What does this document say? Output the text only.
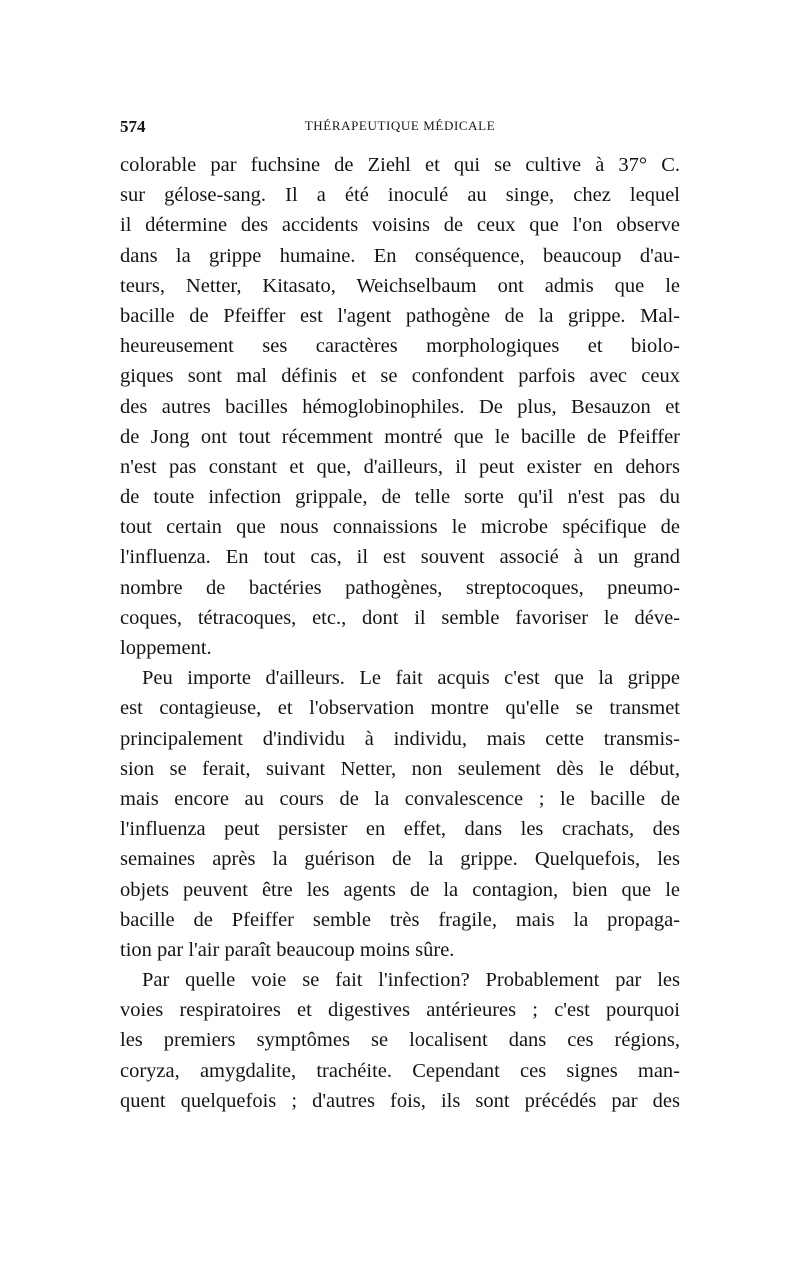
574	THÉRAPEUTIQUE MÉDICALE
colorable par fuchsine de Ziehl et qui se cultive à 37° C.
sur gélose-sang. Il a été inoculé au singe, chez lequel
il détermine des accidents voisins de ceux que l'on observe
dans la grippe humaine. En conséquence, beaucoup d'au-
teurs, Netter, Kitasato, Weichselbaum ont admis que le
bacille de Pfeiffer est l'agent pathogène de la grippe. Mal-
heureusement ses caractères morphologiques et biolo-
giques sont mal définis et se confondent parfois avec ceux
des autres bacilles hémoglobinophiles. De plus, Besauzon et
de Jong ont tout récemment montré que le bacille de Pfeiffer
n'est pas constant et que, d'ailleurs, il peut exister en dehors
de toute infection grippale, de telle sorte qu'il n'est pas du
tout certain que nous connaissions le microbe spécifique de
l'influenza. En tout cas, il est souvent associé à un grand
nombre de bactéries pathogènes, streptocoques, pneumo-
coques, tétracoques, etc., dont il semble favoriser le déve-
loppement.
Peu importe d'ailleurs. Le fait acquis c'est que la grippe
est contagieuse, et l'observation montre qu'elle se transmet
principalement d'individu à individu, mais cette transmis-
sion se ferait, suivant Netter, non seulement dès le début,
mais encore au cours de la convalescence ; le bacille de
l'influenza peut persister en effet, dans les crachats, des
semaines après la guérison de la grippe. Quelquefois, les
objets peuvent être les agents de la contagion, bien que le
bacille de Pfeiffer semble très fragile, mais la propaga-
tion par l'air paraît beaucoup moins sûre.
Par quelle voie se fait l'infection? Probablement par les
voies respiratoires et digestives antérieures ; c'est pourquoi
les premiers symptômes se localisent dans ces régions,
coryza, amygdalite, trachéite. Cependant ces signes man-
quent quelquefois ; d'autres fois, ils sont précédés par des
